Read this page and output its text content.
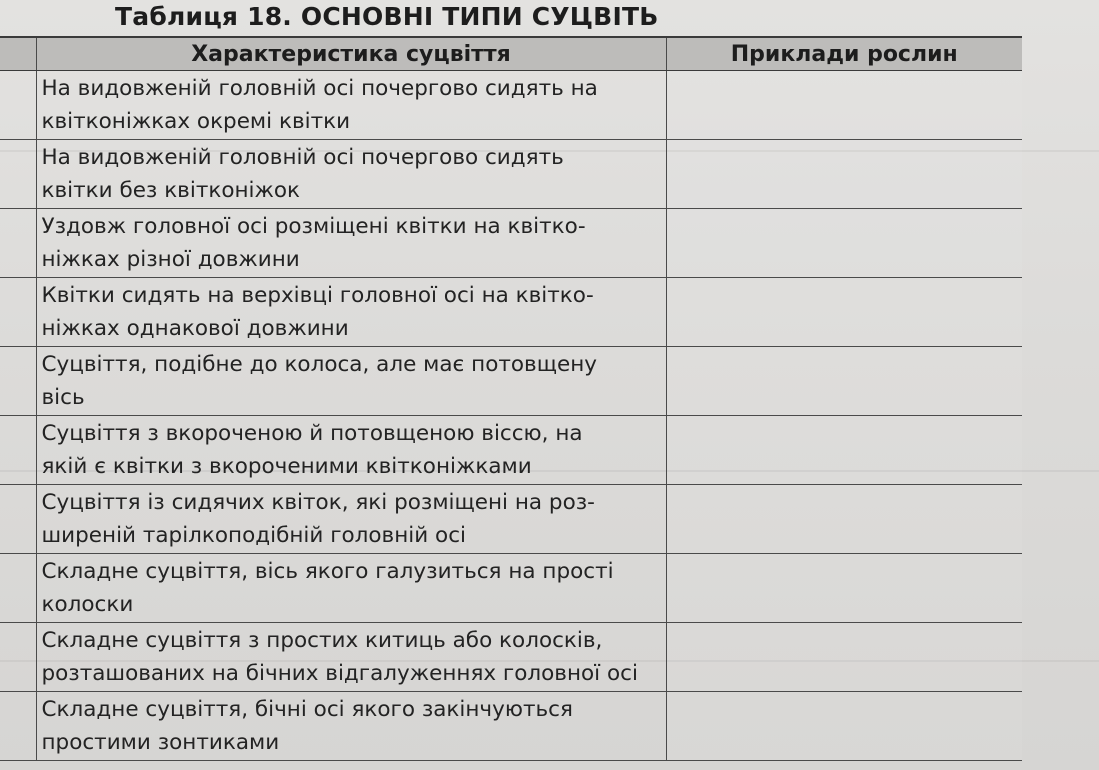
Таблиця 18. ОСНОВНІ ТИПИ СУЦВІТЬ
	Характеристика суцвіття	Приклади рослин

	На видовженій головній осі почергово сидять на
квітконіжках окремі квітки	

	На видовженій головній осі почергово сидять
квітки без квітконіжок	

	Уздовж головної осі розміщені квітки на квітко-
ніжках різної довжини	

	Квітки сидять на верхівці головної осі на квітко-
ніжках однакової довжини	

	Суцвіття, подібне до колоса, але має потовщену
вісь	

	Суцвіття з вкороченою й потовщеною віссю, на
якій є квітки з вкороченими квітконіжками	

	Суцвіття із сидячих квіток, які розміщені на роз-
ширеній тарілкоподібній головній осі	

	Складне суцвіття, вісь якого галузиться на прості
колоски	

	Складне суцвіття з простих китиць або колосків,
розташованих на бічних відгалуженнях головної осі	

	Складне суцвіття, бічні осі якого закінчуються
простими зонтиками	
